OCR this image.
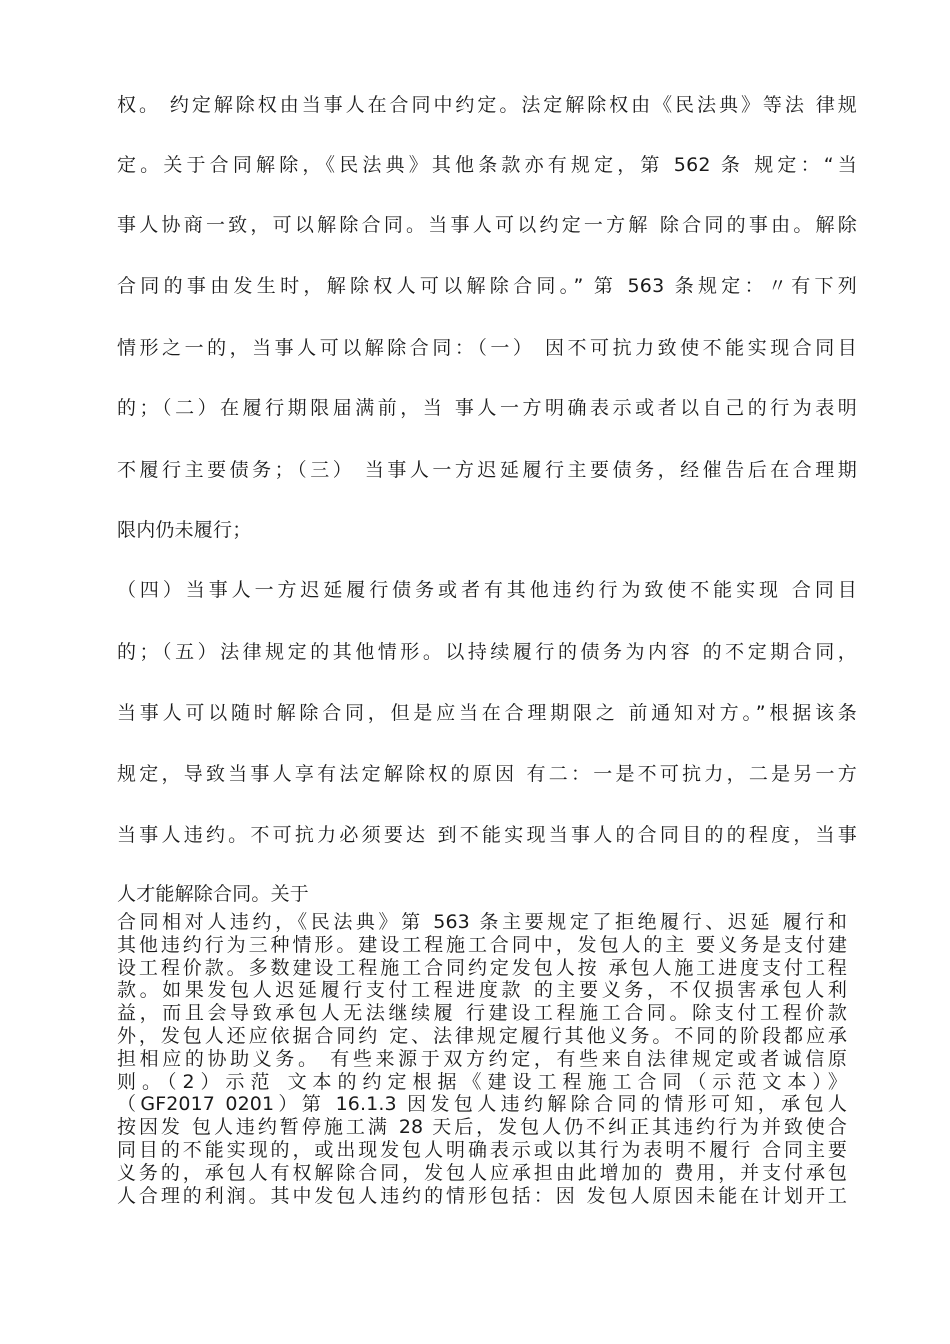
权。 约定解除权由当事人在合同中约定。法定解除权由《民法典》等法 律规
定。关于合同解除，《民法典》其他条款亦有规定，第 562 条 规定：“当
事人协商一致，可以解除合同。当事人可以约定一方解 除合同的事由。解除
合同的事由发生时，解除权人可以解除合同。” 第 563 条规定：〃有下列
情形之一的，当事人可以解除合同：（一） 因不可抗力致使不能实现合同目
的；（二）在履行期限届满前，当 事人一方明确表示或者以自己的行为表明
不履行主要债务；（三） 当事人一方迟延履行主要债务，经催告后在合理期
限内仍未履行；
（四）当事人一方迟延履行债务或者有其他违约行为致使不能实现 合同目
的；（五）法律规定的其他情形。以持续履行的债务为内容 的不定期合同，
当事人可以随时解除合同，但是应当在合理期限之 前通知对方。”根据该条
规定，导致当事人享有法定解除权的原因 有二：一是不可抗力，二是另一方
当事人违约。不可抗力必须要达 到不能实现当事人的合同目的的程度，当事
人才能解除合同。关于
合同相对人违约，《民法典》第 563 条主要规定了拒绝履行、迟延 履行和
其他违约行为三种情形。建设工程施工合同中，发包人的主 要义务是支付建
设工程价款。多数建设工程施工合同约定发包人按 承包人施工进度支付工程
款。如果发包人迟延履行支付工程进度款 的主要义务，不仅损害承包人利
益，而且会导致承包人无法继续履 行建设工程施工合同。除支付工程价款
外，发包人还应依据合同约 定、法律规定履行其他义务。不同的阶段都应承
担相应的协助义务。 有些来源于双方约定，有些来自法律规定或者诚信原
则。（2）示范 文本的约定根据《建设工程施工合同（示范文本）》
（GF2017 0201）第 16.1.3 因发包人违约解除合同的情形可知，承包人
按因发 包人违约暂停施工满 28 天后，发包人仍不纠正其违约行为并致使合
同目的不能实现的，或出现发包人明确表示或以其行为表明不履行 合同主要
义务的，承包人有权解除合同，发包人应承担由此增加的 费用，并支付承包
人合理的利润。其中发包人违约的情形包括：因 发包人原因未能在计划开工
